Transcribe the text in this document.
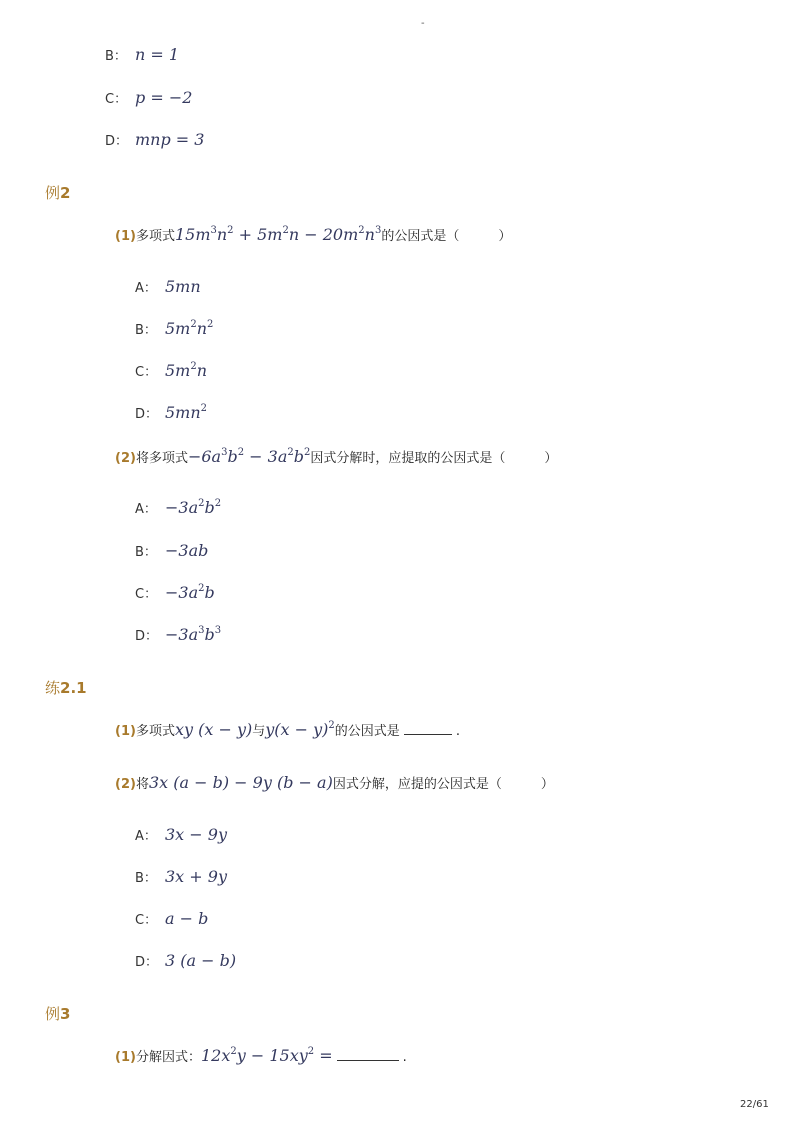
-
B： n = 1
C： p = −2
D： mnp = 3
例2
(1) 多项式 $15m^3n^2 + 5m^2n - 20m^2n^3$ 的公因式是（　　　）
A： 5mn
B： $5m^2n^2$
C： $5m^2n$
D： $5mn^2$
(2) 将多项式 $-6a^3b^2 - 3a^2b^2$ 因式分解时，应提取的公因式是（　　　）
A： $-3a^2b^2$
B： −3ab
C： $-3a^2b$
D： $-3a^3b^3$
练2.1
(1) 多项式 xy (x − y) 与 $y(x - y)^2$ 的公因式是	.
(2) 将 3x (a − b) − 9y (b − a) 因式分解，应提的公因式是（　　　）
A： 3x − 9y
B： 3x + 9y
C： a − b
D： 3 (a − b)
例3
(1) 分解因式： $12x^2y - 15xy^2$ =	.
22/61
